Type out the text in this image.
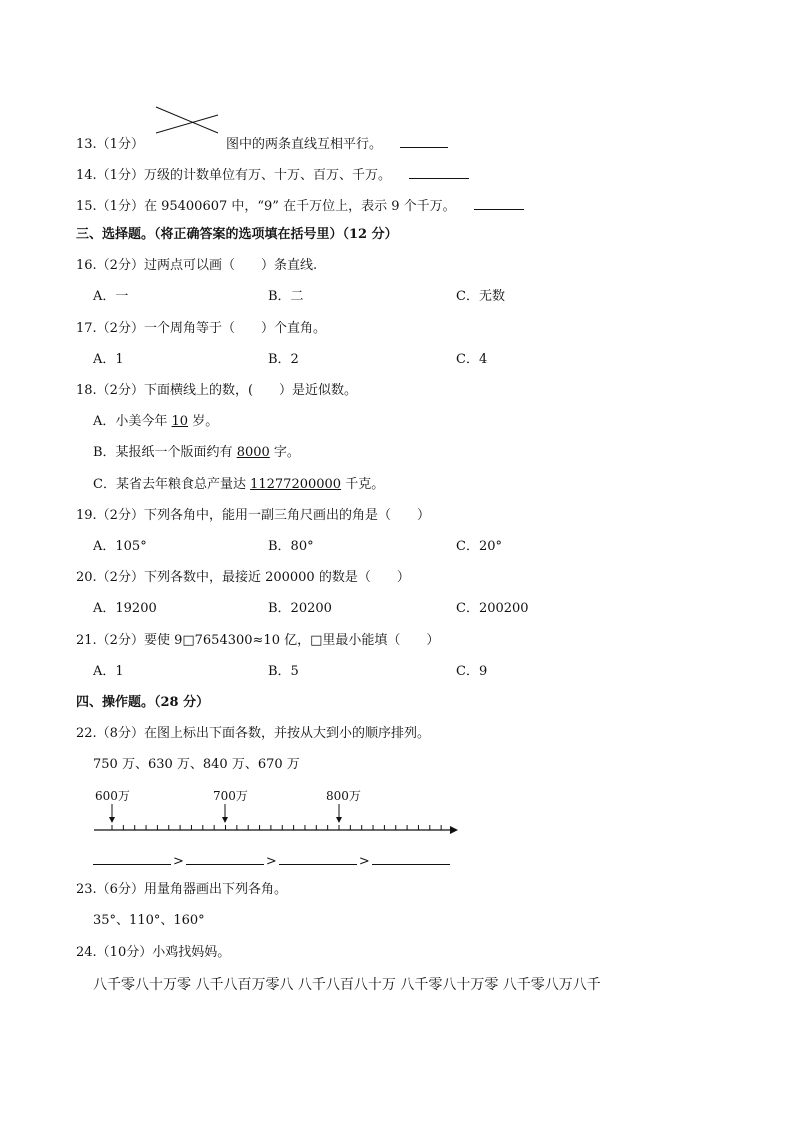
13.（1分）	图中的两条直线互相平行。
14.（1分）万级的计数单位有万、十万、百万、千万。
15.（1分）在 95400607 中，“9” 在千万位上，表示 9 个千万。
三、选择题。（将正确答案的选项填在括号里）（12 分）
16.（2分）过两点可以画（　　）条直线.
A．一	B．二	C．无数
17.（2分）一个周角等于（　　）个直角。
A．1	B．2	C．4
18.（2分）下面横线上的数，(　　）是近似数。
A．小美今年 10 岁。
B．某报纸一个版面约有 8000 字。
C．某省去年粮食总产量达 11277200000 千克。
19.（2分）下列各角中，能用一副三角尺画出的角是（　　）
A．105°	B．80°	C．20°
20.（2分）下列各数中，最接近 200000 的数是（　　）
A．19200	B．20200	C．200200
21.（2分）要使 9□7654300≈10 亿，□里最小能填（　　）
A．1	B．5	C．9
四、操作题。（28 分）
22.（8分）在图上标出下面各数，并按从大到小的顺序排列。
750 万、630 万、840 万、670 万
600万	700万	800万
>	>	>
23.（6分）用量角器画出下列各角。
35°、110°、160°
24.（10分）小鸡找妈妈。
八千零八十万零 八千八百万零八 八千八百八十万 八千零八十万零 八千零八万八千
